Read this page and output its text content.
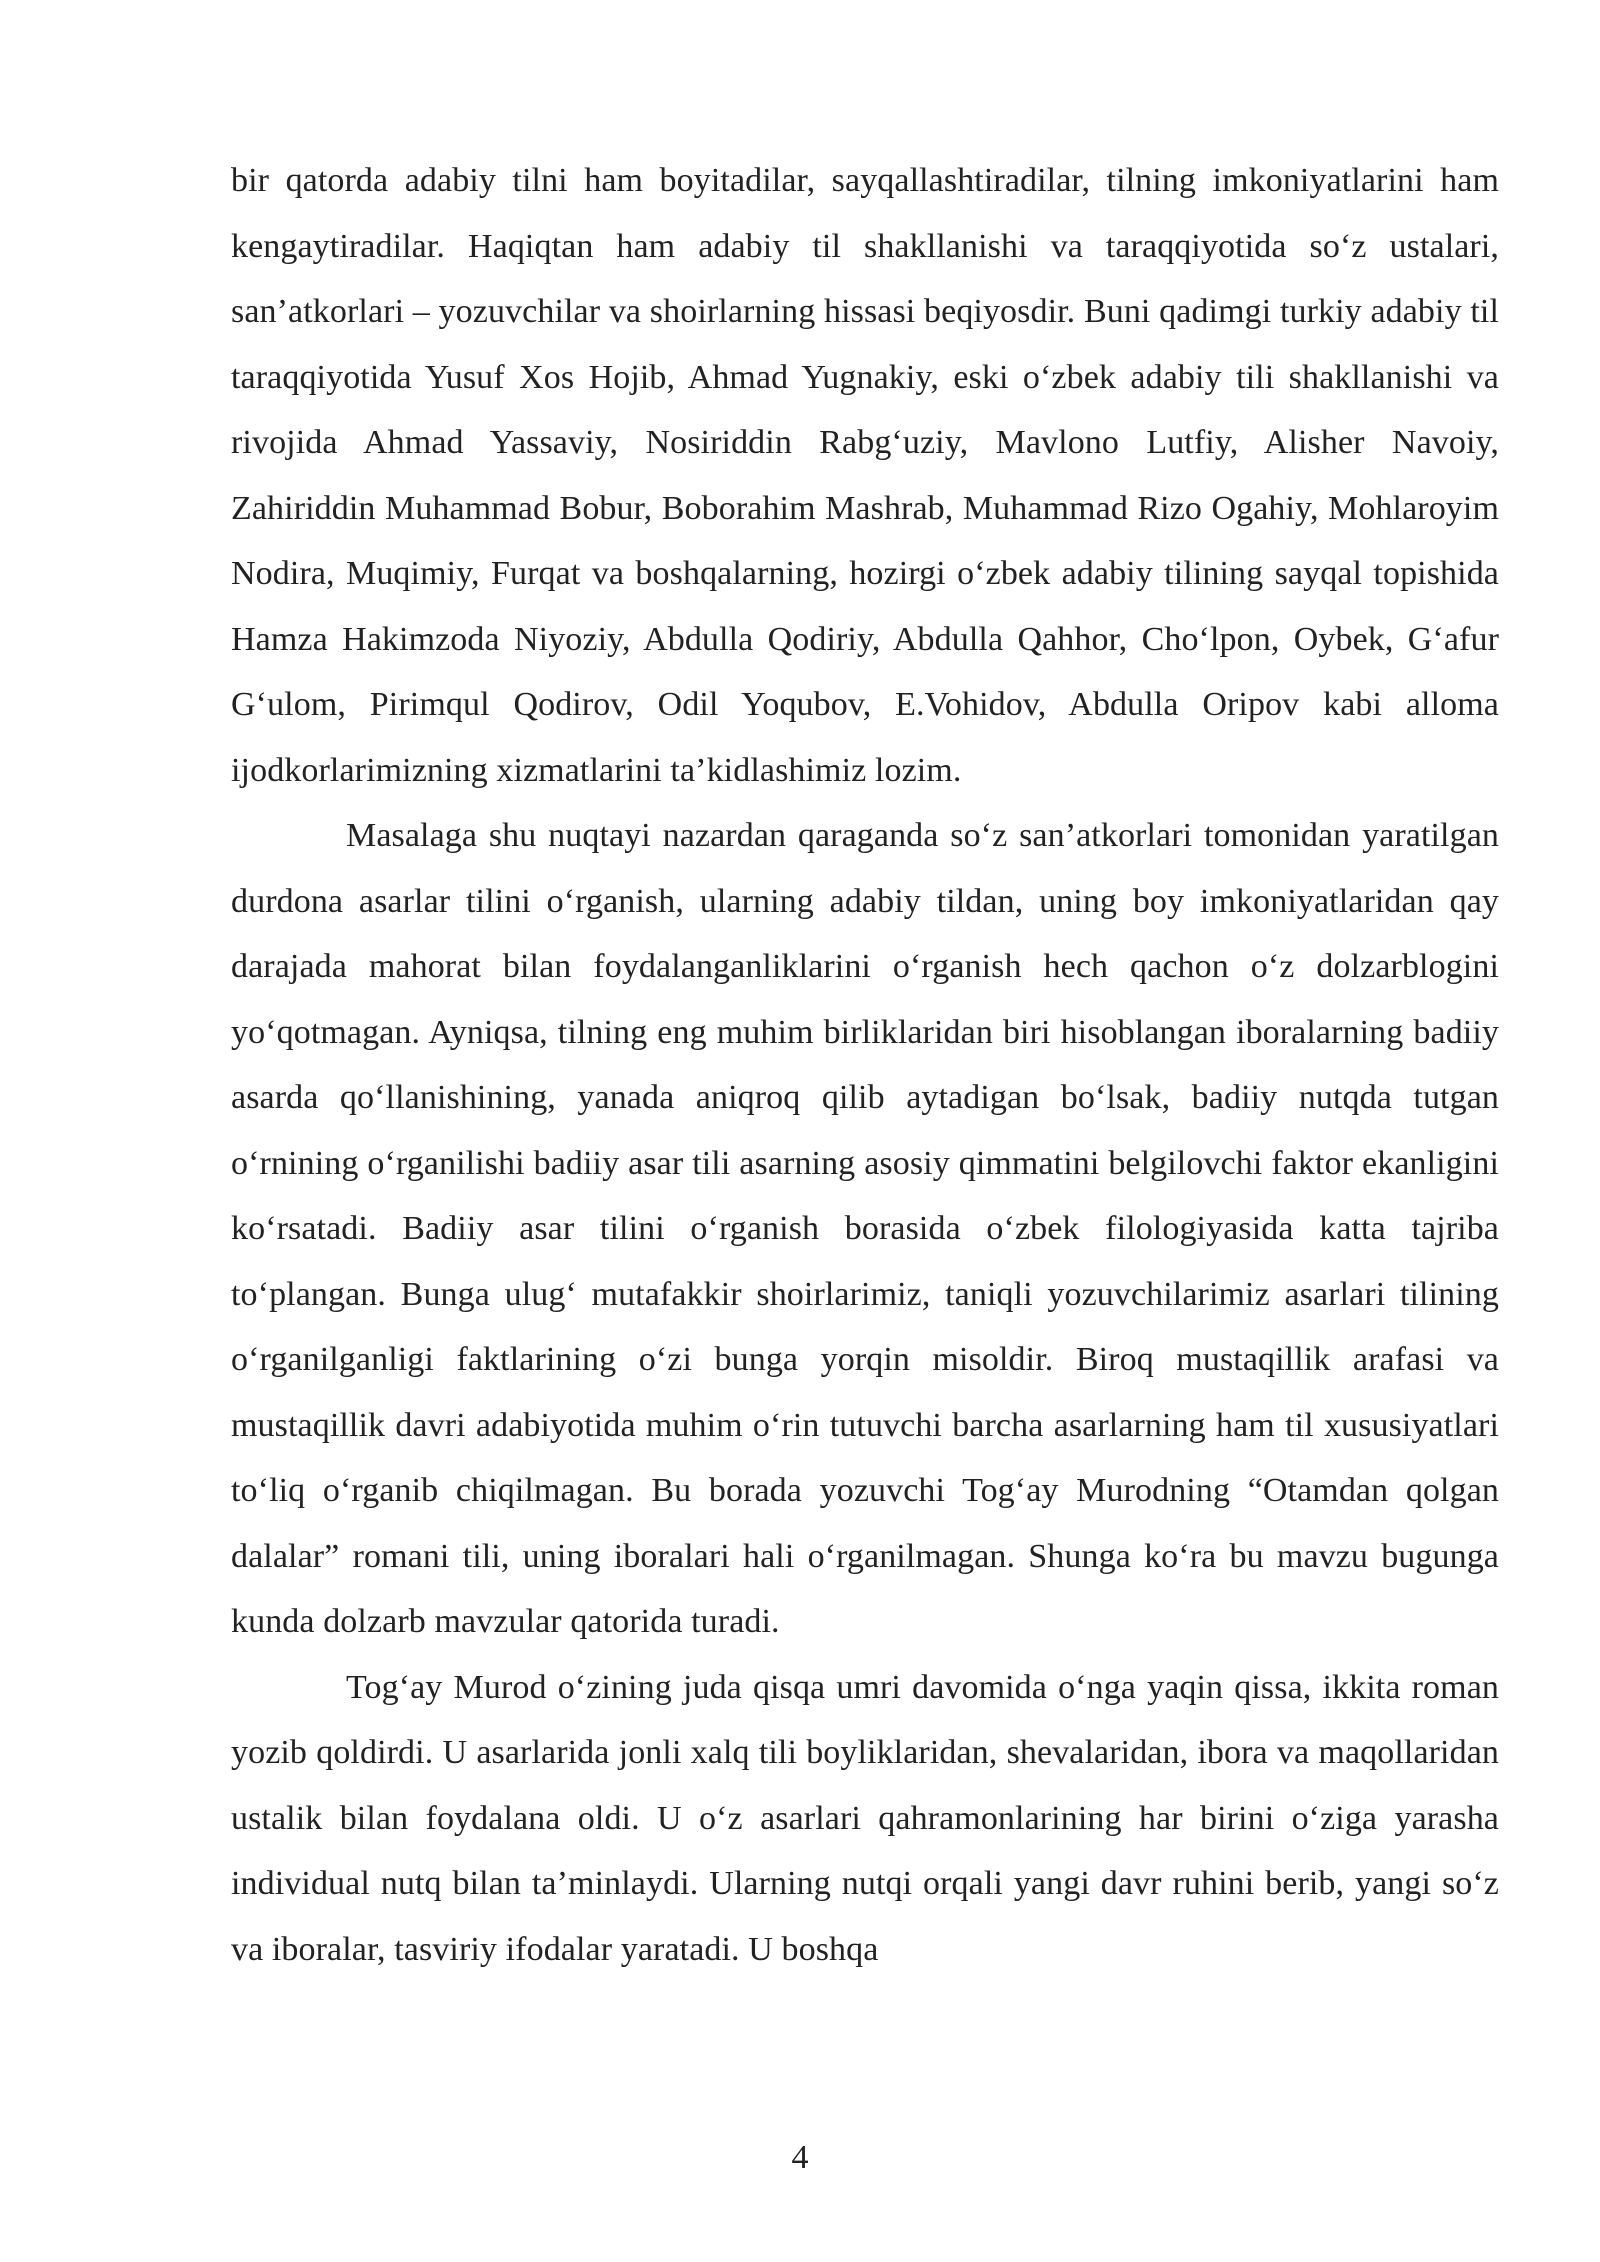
bir qatorda adabiy tilni ham boyitadilar, sayqallashtiradilar, tilning imkoniyatlarini ham kengaytiradilar. Haqiqtan ham adabiy til shakllanishi va taraqqiyotida so‘z ustalari, san’atkorlari – yozuvchilar va shoirlarning hissasi beqiyosdir. Buni qadimgi turkiy adabiy til taraqqiyotida Yusuf Xos Hojib, Ahmad Yugnakiy, eski o‘zbek adabiy tili shakllanishi va rivojida Ahmad Yassaviy, Nosiriddin Rabg‘uziy, Mavlono Lutfiy, Alisher Navoiy, Zahiriddin Muhammad Bobur, Boborahim Mashrab, Muhammad Rizo Ogahiy, Mohlaroyim Nodira, Muqimiy, Furqat va boshqalarning, hozirgi o‘zbek adabiy tilining sayqal topishida Hamza Hakimzoda Niyoziy, Abdulla Qodiriy, Abdulla Qahhor, Cho‘lpon, Oybek, G‘afur G‘ulom, Pirimqul Qodirov, Odil Yoqubov, E.Vohidov, Abdulla Oripov kabi alloma ijodkorlarimizning xizmatlarini ta’kidlashimiz lozim.

Masalaga shu nuqtayi nazardan qaraganda so‘z san’atkorlari tomonidan yaratilgan durdona asarlar tilini o‘rganish, ularning adabiy tildan, uning boy imkoniyatlaridan qay darajada mahorat bilan foydalanganliklarini o‘rganish hech qachon o‘z dolzarblogini yo‘qotmagan. Ayniqsa, tilning eng muhim birliklaridan biri hisoblangan iboralarning badiiy asarda qo‘llanishining, yanada aniqroq qilib aytadigan bo‘lsak, badiiy nutqda tutgan o‘rnining o‘rganilishi badiiy asar tili asarning asosiy qimmatini belgilovchi faktor ekanligini ko‘rsatadi. Badiiy asar tilini o‘rganish borasida o‘zbek filologiyasida katta tajriba to‘plangan. Bunga ulug‘ mutafakkir shoirlarimiz, taniqli yozuvchilarimiz asarlari tilining o‘rganilganligi faktlarining o‘zi bunga yorqin misoldir. Biroq mustaqillik arafasi va mustaqillik davri adabiyotida muhim o‘rin tutuvchi barcha asarlarning ham til xususiyatlari to‘liq o‘rganib chiqilmagan. Bu borada yozuvchi Tog‘ay Murodning “Otamdan qolgan dalalar” romani tili, uning iboralari hali o‘rganilmagan. Shunga ko‘ra bu mavzu bugunga kunda dolzarb mavzular qatorida turadi.

Tog‘ay Murod o‘zining juda qisqa umri davomida o‘nga yaqin qissa, ikkita roman yozib qoldirdi. U asarlarida jonli xalq tili boyliklaridan, shevalaridan, ibora va maqollaridan ustalik bilan foydalana oldi. U o‘z asarlari qahramonlarining har birini o‘ziga yarasha individual nutq bilan ta’minlaydi. Ularning nutqi orqali yangi davr ruhini berib, yangi so‘z va iboralar, tasviriy ifodalar yaratadi. U boshqa

4
